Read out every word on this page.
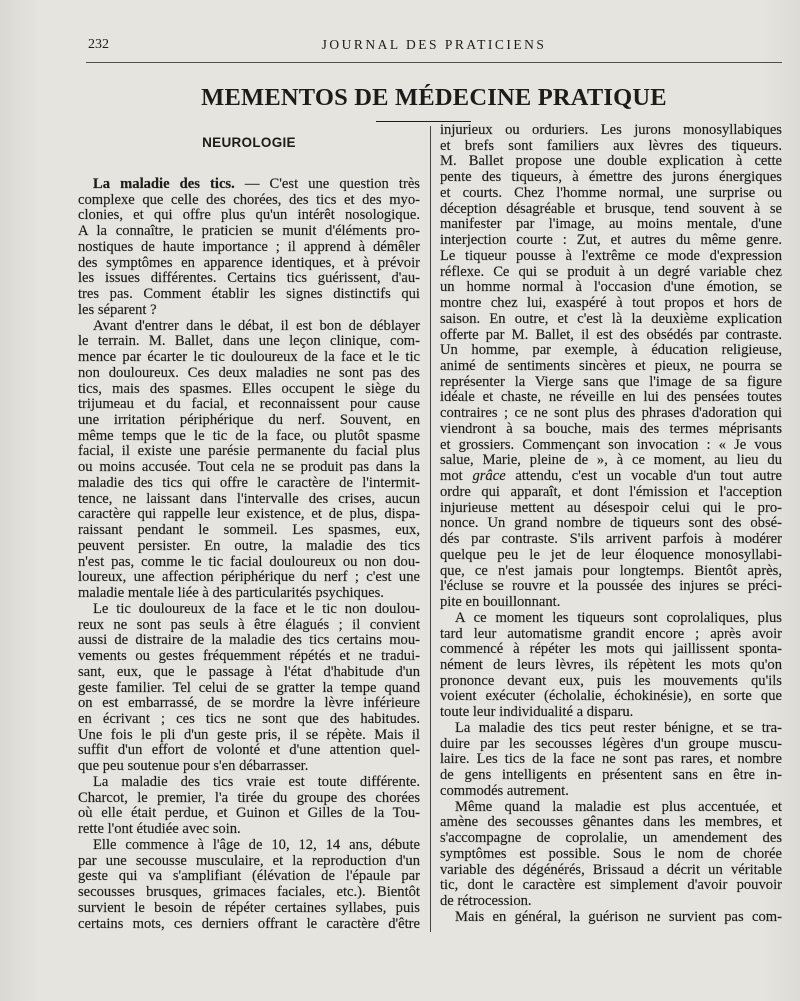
232	JOURNAL DES PRATICIENS
MEMENTOS DE MÉDECINE PRATIQUE
NEUROLOGIE
La maladie des tics. — C'est une question très
complexe que celle des chorées, des tics et des myo-
clonies, et qui offre plus qu'un intérêt nosologique.
A la connaître, le praticien se munit d'éléments pro-
nostiques de haute importance ; il apprend à démêler
des symptômes en apparence identiques, et à prévoir
les issues différentes. Certains tics guérissent, d'au-
tres pas. Comment établir les signes distinctifs qui
les séparent ?
Avant d'entrer dans le débat, il est bon de déblayer
le terrain. M. Ballet, dans une leçon clinique, com-
mence par écarter le tic douloureux de la face et le tic
non douloureux. Ces deux maladies ne sont pas des
tics, mais des spasmes. Elles occupent le siège du
trijumeau et du facial, et reconnaissent pour cause
une irritation périphérique du nerf. Souvent, en
même temps que le tic de la face, ou plutôt spasme
facial, il existe une parésie permanente du facial plus
ou moins accusée. Tout cela ne se produit pas dans la
maladie des tics qui offre le caractère de l'intermit-
tence, ne laissant dans l'intervalle des crises, aucun
caractère qui rappelle leur existence, et de plus, dispa-
raissant pendant le sommeil. Les spasmes, eux,
peuvent persister. En outre, la maladie des tics
n'est pas, comme le tic facial douloureux ou non dou-
loureux, une affection périphérique du nerf ; c'est une
maladie mentale liée à des particularités psychiques.
Le tic douloureux de la face et le tic non doulou-
reux ne sont pas seuls à être élagués ; il convient
aussi de distraire de la maladie des tics certains mou-
vements ou gestes fréquemment répétés et ne tradui-
sant, eux, que le passage à l'état d'habitude d'un
geste familier. Tel celui de se gratter la tempe quand
on est embarrassé, de se mordre la lèvre inférieure
en écrivant ; ces tics ne sont que des habitudes.
Une fois le pli d'un geste pris, il se répète. Mais il
suffit d'un effort de volonté et d'une attention quel-
que peu soutenue pour s'en débarrasser.
La maladie des tics vraie est toute différente.
Charcot, le premier, l'a tirée du groupe des chorées
où elle était perdue, et Guinon et Gilles de la Tou-
rette l'ont étudiée avec soin.
Elle commence à l'âge de 10, 12, 14 ans, débute
par une secousse musculaire, et la reproduction d'un
geste qui va s'amplifiant (élévation de l'épaule par
secousses brusques, grimaces faciales, etc.). Bientôt
survient le besoin de répéter certaines syllabes, puis
certains mots, ces derniers offrant le caractère d'être
injurieux ou orduriers. Les jurons monosyllabiques
et brefs sont familiers aux lèvres des tiqueurs.
M. Ballet propose une double explication à cette
pente des tiqueurs, à émettre des jurons énergiques
et courts. Chez l'homme normal, une surprise ou
déception désagréable et brusque, tend souvent à se
manifester par l'image, au moins mentale, d'une
interjection courte : Zut, et autres du même genre.
Le tiqueur pousse à l'extrême ce mode d'expression
réflexe. Ce qui se produit à un degré variable chez
un homme normal à l'occasion d'une émotion, se
montre chez lui, exaspéré à tout propos et hors de
saison. En outre, et c'est là la deuxième explication
offerte par M. Ballet, il est des obsédés par contraste.
Un homme, par exemple, à éducation religieuse,
animé de sentiments sincères et pieux, ne pourra se
représenter la Vierge sans que l'image de sa figure
idéale et chaste, ne réveille en lui des pensées toutes
contraires ; ce ne sont plus des phrases d'adoration qui
viendront à sa bouche, mais des termes méprisants
et grossiers. Commençant son invocation : « Je vous
salue, Marie, pleine de », à ce moment, au lieu du
mot grâce attendu, c'est un vocable d'un tout autre
ordre qui apparaît, et dont l'émission et l'acception
injurieuse mettent au désespoir celui qui le pro-
nonce. Un grand nombre de tiqueurs sont des obsé-
dés par contraste. S'ils arrivent parfois à modérer
quelque peu le jet de leur éloquence monosyllabi-
que, ce n'est jamais pour longtemps. Bientôt après,
l'écluse se rouvre et la poussée des injures se préci-
pite en bouillonnant.
A ce moment les tiqueurs sont coprolaliques, plus
tard leur automatisme grandit encore ; après avoir
commencé à répéter les mots qui jaillissent sponta-
nément de leurs lèvres, ils répètent les mots qu'on
prononce devant eux, puis les mouvements qu'ils
voient exécuter (écholalie, échokinésie), en sorte que
toute leur individualité a disparu.
La maladie des tics peut rester bénigne, et se tra-
duire par les secousses légères d'un groupe muscu-
laire. Les tics de la face ne sont pas rares, et nombre
de gens intelligents en présentent sans en être in-
commodés autrement.
Même quand la maladie est plus accentuée, et
amène des secousses gênantes dans les membres, et
s'accompagne de coprolalie, un amendement des
symptômes est possible. Sous le nom de chorée
variable des dégénérés, Brissaud a décrit un véritable
tic, dont le caractère est simplement d'avoir pouvoir
de rétrocession.
Mais en général, la guérison ne survient pas com-
